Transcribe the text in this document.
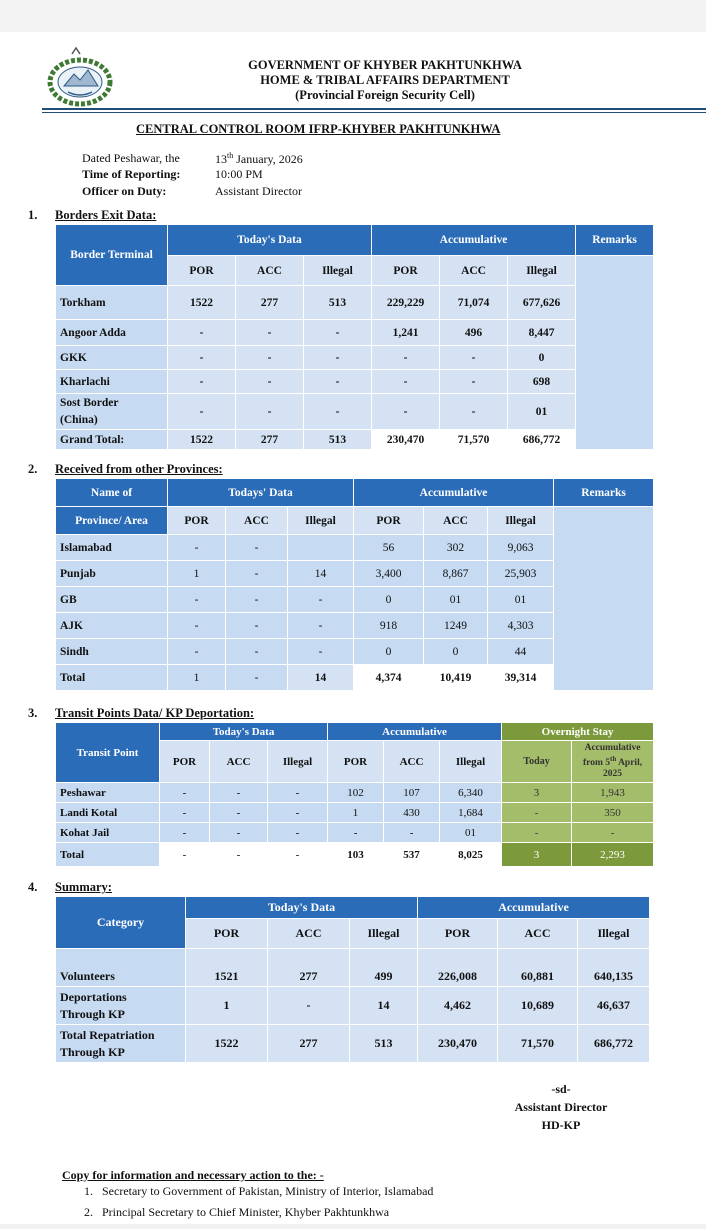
GOVERNMENT OF KHYBER PAKHTUNKHWA
HOME & TRIBAL AFFAIRS DEPARTMENT
(Provincial Foreign Security Cell)
CENTRAL CONTROL ROOM IFRP-KHYBER PAKHTUNKHWA
Dated Peshawar, the	13th January, 2026
Time of Reporting:	10:00 PM
Officer on Duty:	Assistant Director
1. Borders Exit Data:
Border Terminal	Today's Data			Accumulative			Remarks
	POR	ACC	Illegal	POR	ACC	Illegal	
Torkham	1522	277	513	229,229	71,074	677,626	
Angoor Adda	-	-	-	1,241	496	8,447	
GKK	-	-	-	-	-	0	
Kharlachi	-	-	-	-	-	698	

Sost Border
(China)	-	-	-	-	-	01	
Grand Total:	1522	277	513	230,470	71,570	686,772	
2. Received from other Provinces:
Name of	Todays' Data			Accumulative			Remarks
Province/ Area	POR	ACC	Illegal	POR	ACC	Illegal	
Islamabad	-	-		56	302	9,063	
Punjab	1	-	14	3,400	8,867	25,903	
GB	-	-	-	0	01	01	
AJK	-	-	-	918	1249	4,303	
Sindh	-	-	-	0	0	44	
Total	1	-	14	4,374	10,419	39,314	
3. Transit Points Data/ KP Deportation:
Transit Point	Today's Data			Accumulative			Overnight Stay	
	POR	ACC	Illegal	POR	ACC	Illegal	Today	Accumulative
from 5th April,
2025

Peshawar	-	-	-	102	107	6,340	3	1,943
Landi Kotal	-	-	-	1	430	1,684	-	350
Kohat Jail	-	-	-	-	-	01	-	-
Total	-	-	-	103	537	8,025	3	2,293
4. Summary:
Category	Today's Data			Accumulative		
	POR	ACC	Illegal	POR	ACC	Illegal

Volunteers	1521	277	499	226,008	60,881	640,135

Deportations
Through KP	1	-	14	4,462	10,689	46,637

Total Repatriation
Through KP	1522	277	513	230,470	71,570	686,772
-sd-
Assistant Director
HD-KP
Copy for information and necessary action to the: -
1.   Secretary to Government of Pakistan, Ministry of Interior, Islamabad
2.   Principal Secretary to Chief Minister, Khyber Pakhtunkhwa
